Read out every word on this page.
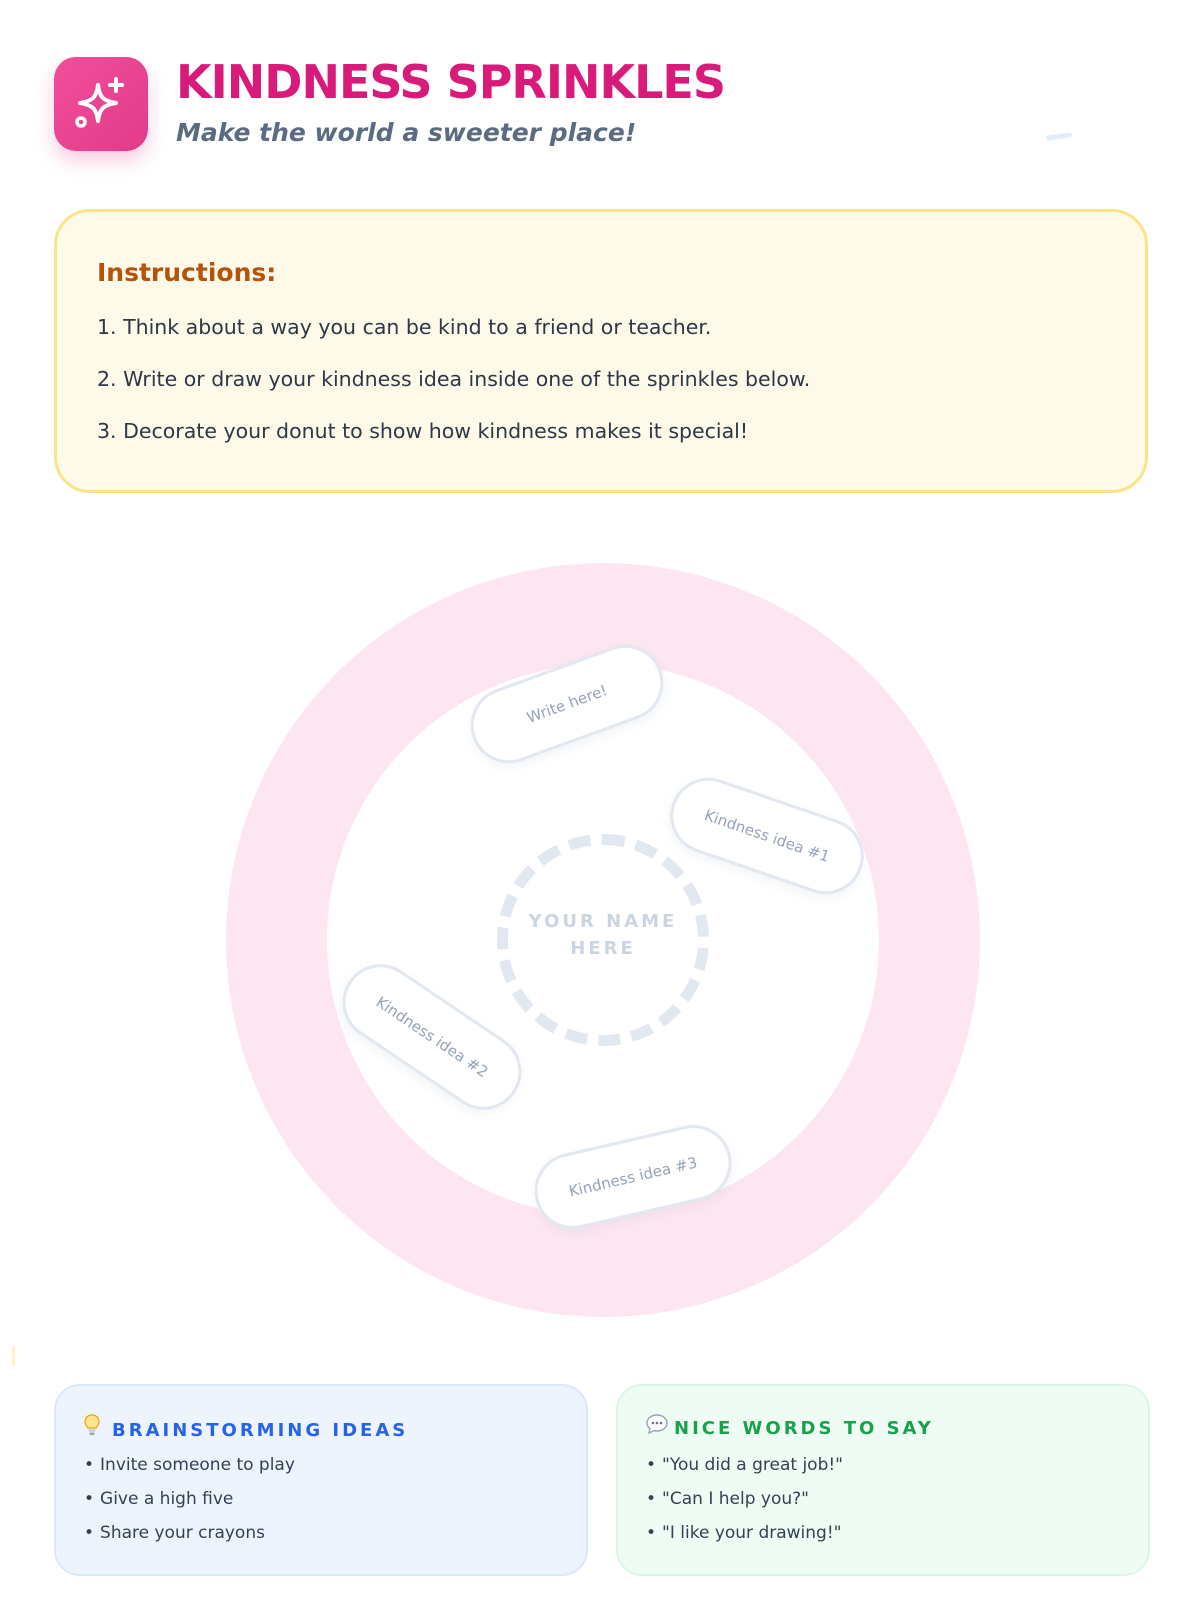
KINDNESS SPRINKLES
Make the world a sweeter place!
Instructions:
1. Think about a way you can be kind to a friend or teacher.
2. Write or draw your kindness idea inside one of the sprinkles below.
3. Decorate your donut to show how kindness makes it special!
YOUR NAME
HERE
Write here!
Kindness idea #1
Kindness idea #2
Kindness idea #3
BRAINSTORMING IDEAS
• Invite someone to play
• Give a high five
• Share your crayons
NICE WORDS TO SAY
• "You did a great job!"
• "Can I help you?"
• "I like your drawing!"
